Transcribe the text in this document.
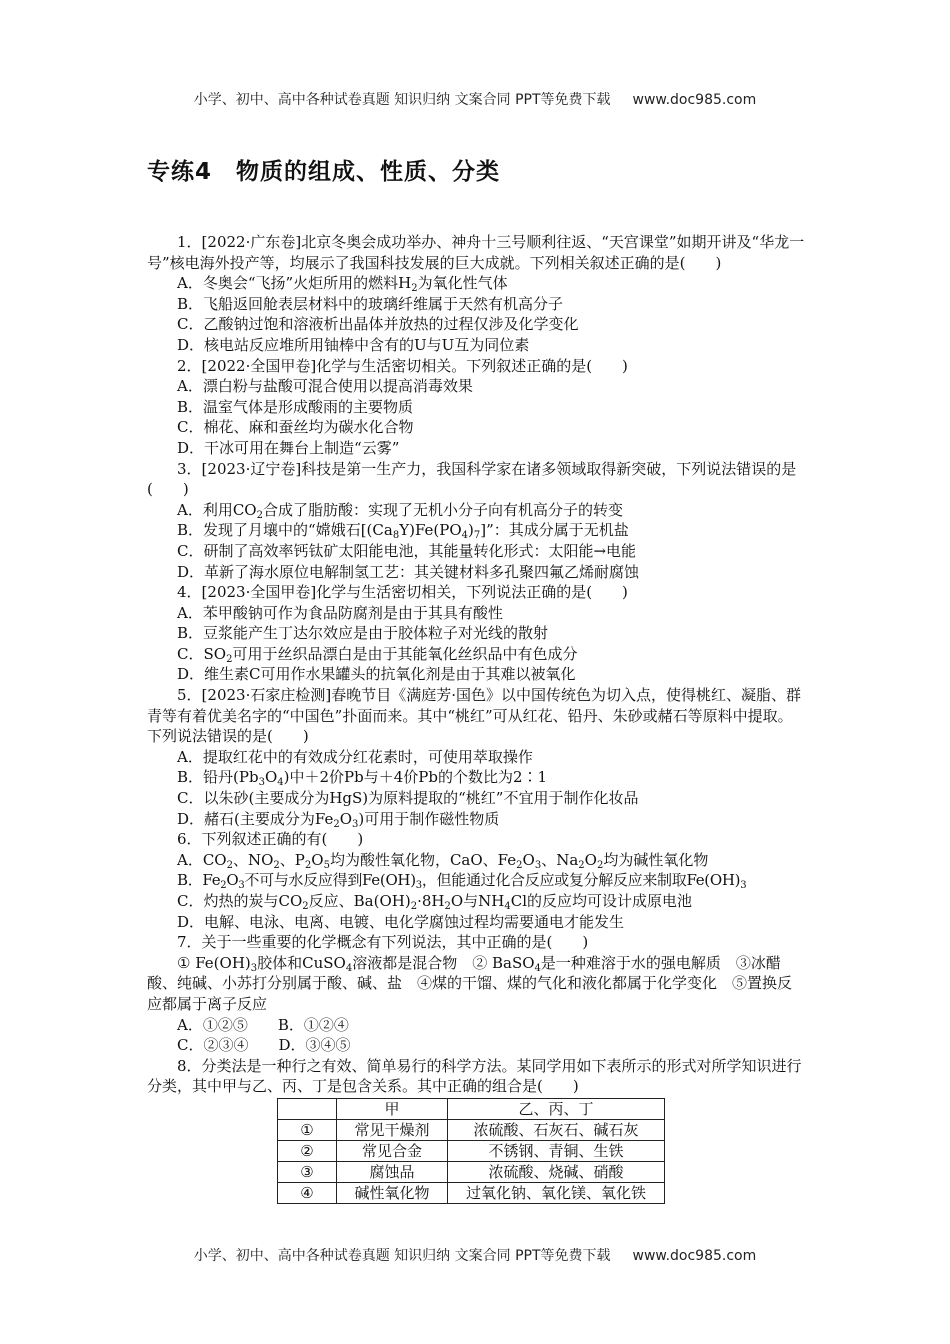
小学、初中、高中各种试卷真题 知识归纳 文案合同 PPT等免费下载 www.doc985.com
专练4　物质的组成、性质、分类

1．[2022·广东卷]北京冬奥会成功举办、神舟十三号顺利往返、“天宫课堂”如期开讲及“华龙一号”核电海外投产等，均展示了我国科技发展的巨大成就。下列相关叙述正确的是(　　)

A．冬奥会“飞扬”火炬所用的燃料$H_2$为氧化性气体

B．飞船返回舱表层材料中的玻璃纤维属于天然有机高分子

C．乙酸钠过饱和溶液析出晶体并放热的过程仅涉及化学变化

D．核电站反应堆所用铀棒中含有的U与U互为同位素

2．[2022·全国甲卷]化学与生活密切相关。下列叙述正确的是(　　)

A．漂白粉与盐酸可混合使用以提高消毒效果

B．温室气体是形成酸雨的主要物质

C．棉花、麻和蚕丝均为碳水化合物

D．干冰可用在舞台上制造“云雾”

3．[2023·辽宁卷]科技是第一生产力，我国科学家在诸多领域取得新突破，下列说法错误的是(　　)

A．利用$CO_2$合成了脂肪酸：实现了无机小分子向有机高分子的转变

B．发现了月壤中的“嫦娥石$[(Ca_8Y)Fe(PO_4)_7]$”：其成分属于无机盐

C．研制了高效率钙钛矿太阳能电池，其能量转化形式：太阳能→电能

D．革新了海水原位电解制氢工艺：其关键材料多孔聚四氟乙烯耐腐蚀

4．[2023·全国甲卷]化学与生活密切相关，下列说法正确的是(　　)

A．苯甲酸钠可作为食品防腐剂是由于其具有酸性

B．豆浆能产生丁达尔效应是由于胶体粒子对光线的散射

C．$SO_2$可用于丝织品漂白是由于其能氧化丝织品中有色成分

D．维生素C可用作水果罐头的抗氧化剂是由于其难以被氧化

5．[2023·石家庄检测]春晚节目《满庭芳·国色》以中国传统色为切入点，使得桃红、凝脂、群青等有着优美名字的“中国色”扑面而来。其中“桃红”可从红花、铅丹、朱砂或赭石等原料中提取。下列说法错误的是(　　)

A．提取红花中的有效成分红花素时，可使用萃取操作

B．铅丹$(Pb_3O_4)$中＋2价Pb与＋4价Pb的个数比为2∶1

C．以朱砂(主要成分为HgS)为原料提取的“桃红”不宜用于制作化妆品

D．赭石(主要成分为$Fe_2O_3$)可用于制作磁性物质

6．下列叙述正确的有(　　)

A．$CO_2$、$NO_2$、$P_2O_5$均为酸性氧化物，CaO、$Fe_2O_3$、$Na_2O_2$均为碱性氧化物

B．$Fe_2O_3$不可与水反应得到$Fe(OH)_3$，但能通过化合反应或复分解反应来制取$Fe(OH)_3$

C．灼热的炭与$CO_2$反应、$Ba(OH)_2\cdot 8H_2O$与$NH_4Cl$的反应均可设计成原电池

D．电解、电泳、电离、电镀、电化学腐蚀过程均需要通电才能发生

7．关于一些重要的化学概念有下列说法，其中正确的是(　　)

① $Fe(OH)_3$胶体和CuSO$_4$溶液都是混合物　② BaSO$_4$是一种难溶于水的强电解质　③冰醋酸、纯碱、小苏打分别属于酸、碱、盐　④煤的干馏、煤的气化和液化都属于化学变化　⑤置换反应都属于离子反应

A．①②⑤　　B．①②④

C．②③④　　D．③④⑤

8．分类法是一种行之有效、简单易行的科学方法。某同学用如下表所示的形式对所学知识进行分类，其中甲与乙、丙、丁是包含关系。其中正确的组合是(　　)

	甲	乙、丙、丁
①	常见干燥剂	浓硫酸、石灰石、碱石灰
②	常见合金	不锈钢、青铜、生铁
③	腐蚀品	浓硫酸、烧碱、硝酸
④	碱性氧化物	过氧化钠、氧化镁、氧化铁
小学、初中、高中各种试卷真题 知识归纳 文案合同 PPT等免费下载 www.doc985.com
